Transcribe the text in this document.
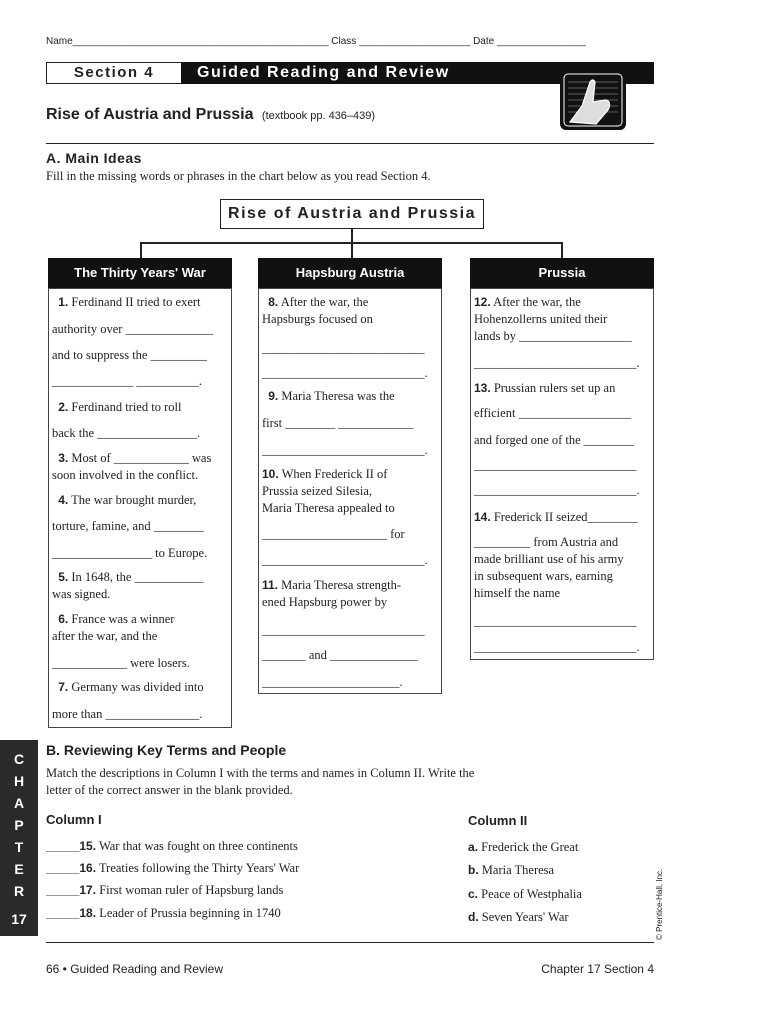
Name______________________________________________ Class ____________________ Date ________________
Section 4	Guided Reading and Review
Rise of Austria and Prussia (textbook pp. 436–439)
A. Main Ideas
Fill in the missing words or phrases in the chart below as you read Section 4.
Rise of Austria and Prussia
The Thirty Years' War	Hapsburg Austria	Prussia
1. Ferdinand II tried to exert
authority over ______________
and to suppress the _________
_____________ __________.
2. Ferdinand tried to roll
back the ________________.
3. Most of ____________ was
soon involved in the conflict.
4. The war brought murder,
torture, famine, and ________
________________ to Europe.
5. In 1648, the ___________
was signed.
6. France was a winner
after the war, and the
____________ were losers.
7. Germany was divided into
more than _______________.
8. After the war, the
Hapsburgs focused on
__________________________
__________________________.
9. Maria Theresa was the
first ________ ____________
__________________________.
10. When Frederick II of
Prussia seized Silesia,
Maria Theresa appealed to
____________________ for
__________________________.
11. Maria Theresa strength-
ened Hapsburg power by
__________________________
_______ and ______________
______________________.
12. After the war, the
Hohenzollerns united their
lands by __________________
__________________________.
13. Prussian rulers set up an
efficient __________________
and forged one of the ________
__________________________
__________________________.
14. Frederick II seized________
_________ from Austria and
made brilliant use of his army
in subsequent wars, earning
himself the name
__________________________
__________________________.
C
H
A
P
T
E
R
17
B. Reviewing Key Terms and People
Match the descriptions in Column I with the terms and names in Column II. Write the
letter of the correct answer in the blank provided.
Column I	Column II
_____15. War that was fought on three continents
_____16. Treaties following the Thirty Years' War
_____17. First woman ruler of Hapsburg lands
_____18. Leader of Prussia beginning in 1740
a. Frederick the Great
b. Maria Theresa
c. Peace of Westphalia
d. Seven Years' War	© Prentice-Hall, Inc.
66 • Guided Reading and Review	Chapter 17 Section 4
